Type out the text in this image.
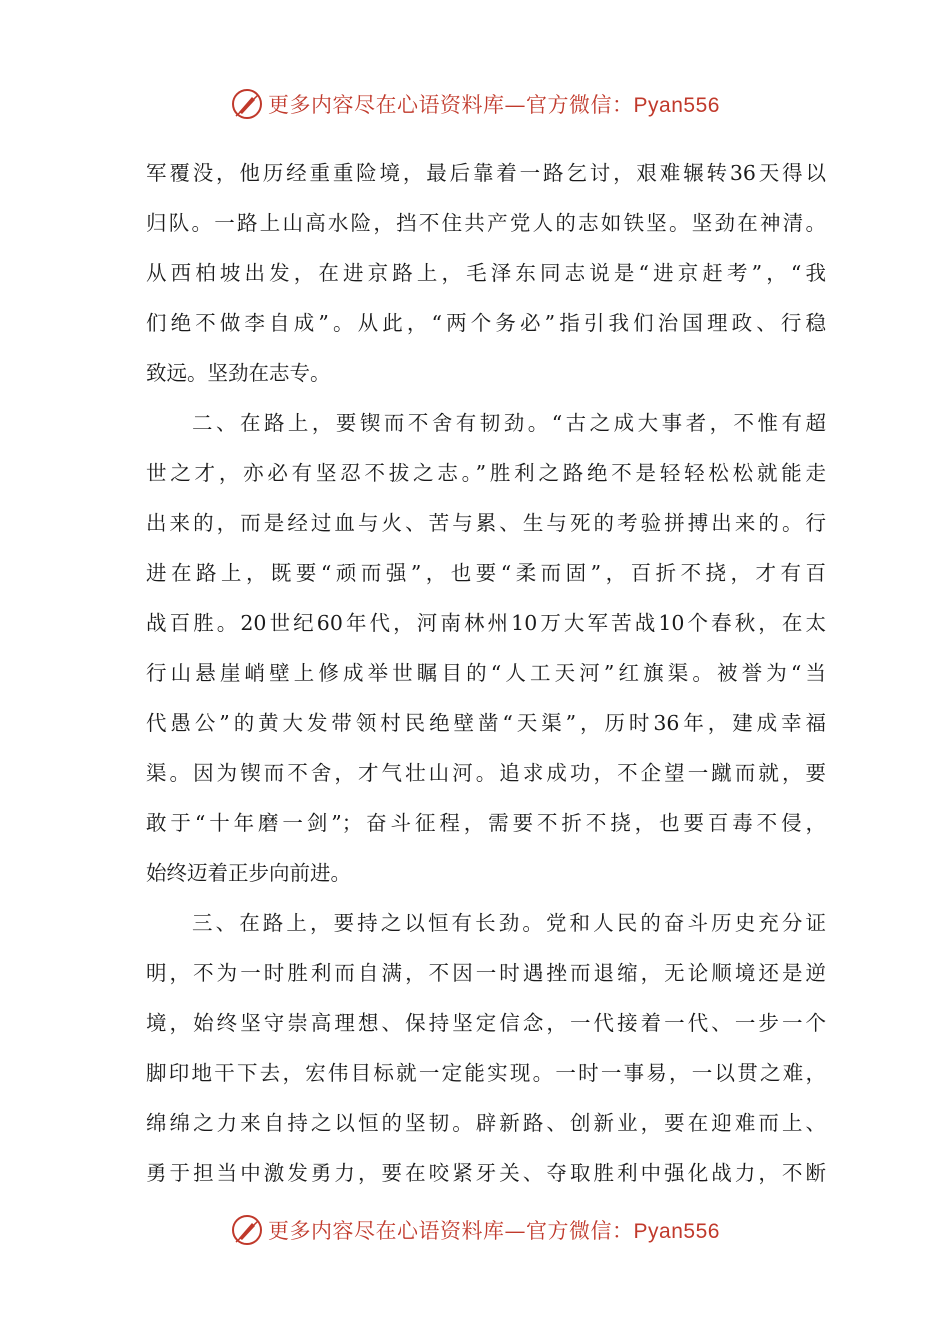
更多内容尽在心语资料库—官方微信：Pyan556
军覆没，他历经重重险境，最后靠着一路乞讨，艰难辗转36天得以
归队。一路上山高水险，挡不住共产党人的志如铁坚。坚劲在神清。
从西柏坡出发，在进京路上，毛泽东同志说是“进京赶考”，“我
们绝不做李自成”。从此，“两个务必”指引我们治国理政、行稳
致远。坚劲在志专。
二、在路上，要锲而不舍有韧劲。“古之成大事者，不惟有超
世之才，亦必有坚忍不拔之志。”胜利之路绝不是轻轻松松就能走
出来的，而是经过血与火、苦与累、生与死的考验拼搏出来的。行
进在路上，既要“顽而强”，也要“柔而固”，百折不挠，才有百
战百胜。20世纪60年代，河南林州10万大军苦战10个春秋，在太
行山悬崖峭壁上修成举世瞩目的“人工天河”红旗渠。被誉为“当
代愚公”的黄大发带领村民绝壁凿“天渠”，历时36年，建成幸福
渠。因为锲而不舍，才气壮山河。追求成功，不企望一蹴而就，要
敢于“十年磨一剑”；奋斗征程，需要不折不挠，也要百毒不侵，
始终迈着正步向前进。
三、在路上，要持之以恒有长劲。党和人民的奋斗历史充分证
明，不为一时胜利而自满，不因一时遇挫而退缩，无论顺境还是逆
境，始终坚守崇高理想、保持坚定信念，一代接着一代、一步一个
脚印地干下去，宏伟目标就一定能实现。一时一事易，一以贯之难，
绵绵之力来自持之以恒的坚韧。辟新路、创新业，要在迎难而上、
勇于担当中激发勇力，要在咬紧牙关、夺取胜利中强化战力，不断
更多内容尽在心语资料库—官方微信：Pyan556
